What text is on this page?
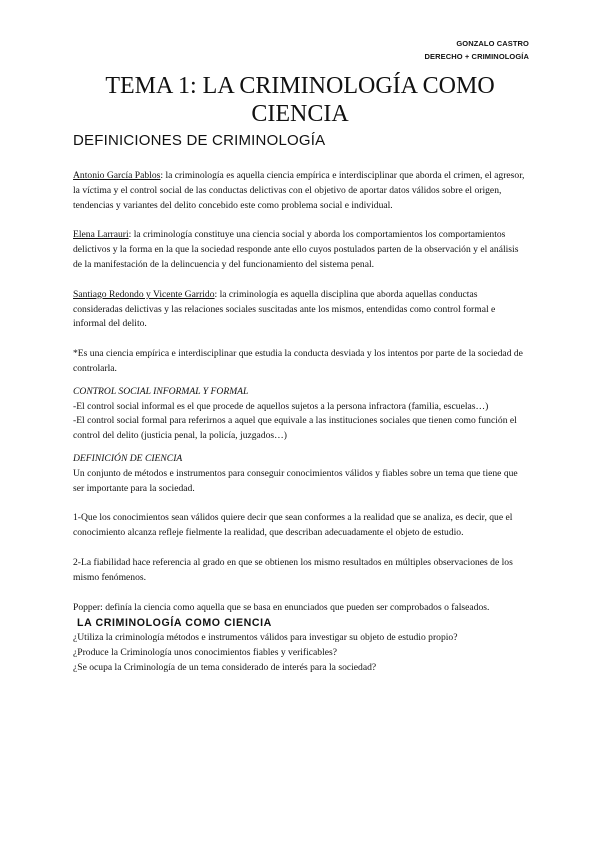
GONZALO CASTRO
DERECHO + CRIMINOLOGÍA
TEMA 1: LA CRIMINOLOGÍA COMO CIENCIA
DEFINICIONES DE CRIMINOLOGÍA

Antonio García Pablos: la criminología es aquella ciencia empírica e interdisciplinar que aborda el crimen, el agresor, la víctima y el control social de las conductas delictivas con el objetivo de aportar datos válidos sobre el origen, tendencias y variantes del delito concebido este como problema social e individual.

Elena Larrauri: la criminología constituye una ciencia social y aborda los comportamientos los comportamientos delictivos y la forma en la que la sociedad responde ante ello cuyos postulados parten de la observación y el análisis de la manifestación de la delincuencia y del funcionamiento del sistema penal.

Santiago Redondo y Vicente Garrido: la criminología es aquella disciplina que aborda aquellas conductas consideradas delictivas y las relaciones sociales suscitadas ante los mismos, entendidas como control formal e informal del delito.

*Es una ciencia empírica e interdisciplinar que estudia la conducta desviada y los intentos por parte de la sociedad de controlarla.

CONTROL SOCIAL INFORMAL Y FORMAL

-El control social informal es el que procede de aquellos sujetos a la persona infractora (familia, escuelas…)

-El control social formal para referirnos a aquel que equivale a las instituciones sociales que tienen como función el control del delito (justicia penal, la policía, juzgados…)

DEFINICIÓN DE CIENCIA

Un conjunto de métodos e instrumentos para conseguir conocimientos válidos y fiables sobre un tema que tiene que ser importante para la sociedad.

1-Que los conocimientos sean válidos quiere decir que sean conformes a la realidad que se analiza, es decir, que el conocimiento alcanza refleje fielmente la realidad, que describan adecuadamente el objeto de estudio.

2-La fiabilidad hace referencia al grado en que se obtienen los mismo resultados en múltiples observaciones de los mismo fenómenos.

Popper: definía la ciencia como aquella que se basa en enunciados que pueden ser comprobados o falseados.

LA CRIMINOLOGÍA COMO CIENCIA

¿Utiliza la criminología métodos e instrumentos válidos para investigar su objeto de estudio propio?

¿Produce la Criminología unos conocimientos fiables y verificables?

¿Se ocupa la Criminología de un tema considerado de interés para la sociedad?
